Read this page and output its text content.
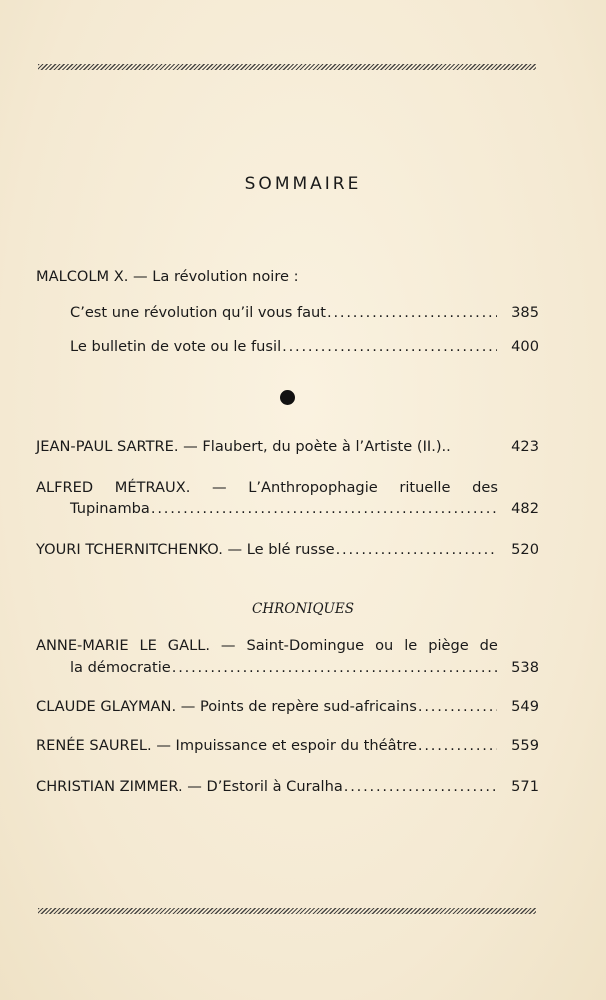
SOMMAIRE
MALCOLM X. — La révolution noire :
C’est une révolution qu’il vous faut .....	385
Le bulletin de vote ou le fusil .....	400
JEAN-PAUL SARTRE. — Flaubert, du poète à l’Artiste (II.)..	423
ALFRED MÉTRAUX. — L’Anthropophagie rituelle des
Tupinamba .....	482
YOURI TCHERNITCHENKO. — Le blé russe .....	520
CHRONIQUES
ANNE-MARIE LE GALL. — Saint-Domingue ou le piège de
la démocratie .....	538
CLAUDE GLAYMAN. — Points de repère sud-africains .....	549
RENÉE SAUREL. — Impuissance et espoir du théâtre .....	559
CHRISTIAN ZIMMER. — D’Estoril à Curalha .....	571
